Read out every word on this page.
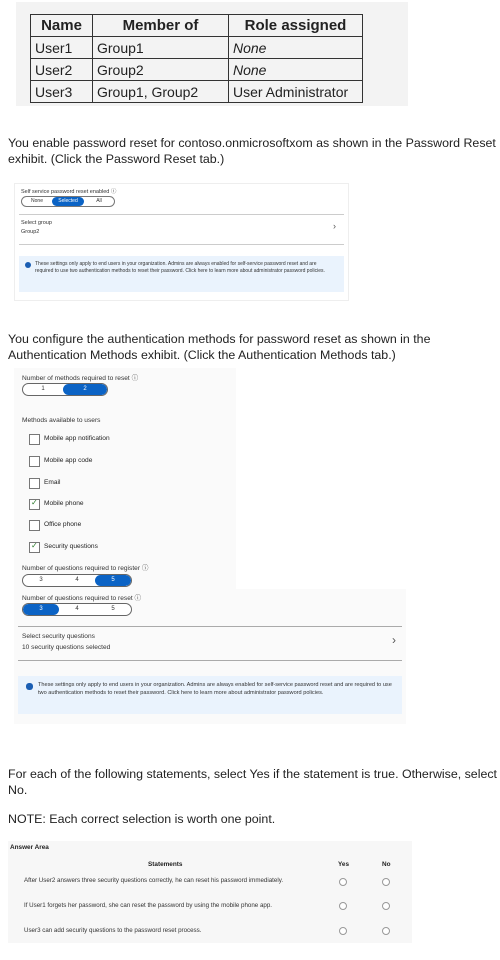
Name	Member of	Role assigned
User1	Group1	None
User2	Group2	None
User3	Group1, Group2	User Administrator
You enable password reset for contoso.onmicrosoftxom as shown in the Password Reset exhibit. (Click the Password Reset tab.)
Self service password reset enabled ⓘ
None	Selected	All
Select group
Group2
›
These settings only apply to end users in your organization. Admins are always enabled for self-service password reset and are required to use two authentication methods to reset their password. Click here to learn more about administrator password policies.
You configure the authentication methods for password reset as shown in the Authentication Methods exhibit. (Click the Authentication Methods tab.)
Number of methods required to reset ⓘ
1	2
Methods available to users
Mobile app notification
Mobile app code
Email
✓
Mobile phone
Office phone
✓
Security questions
Number of questions required to register ⓘ
3	4	5
Number of questions required to reset ⓘ
3	4	5
Select security questions
10 security questions selected
›
These settings only apply to end users in your organization. Admins are always enabled for self-service password reset and are required to use two authentication methods to reset their password. Click here to learn more about administrator password policies.
For each of the following statements, select Yes if the statement is true. Otherwise, select No.
NOTE: Each correct selection is worth one point.
Answer Area
Statements	Yes	No
After User2 answers three security questions correctly, he can reset his password immediately.
If User1 forgets her password, she can reset the password by using the mobile phone app.
User3 can add security questions to the password reset process.
